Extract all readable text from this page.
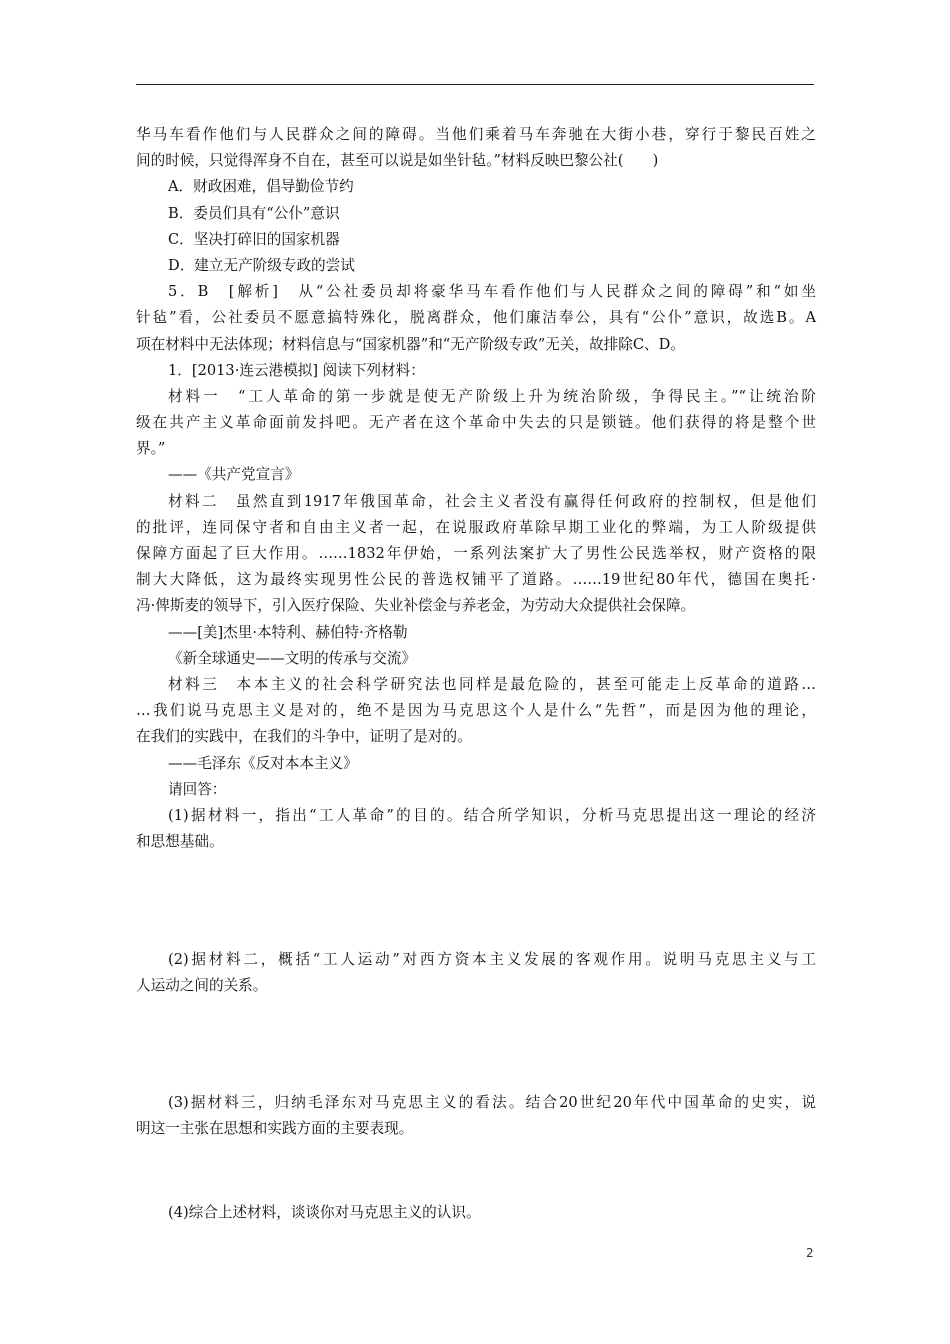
华马车看作他们与人民群众之间的障碍。当他们乘着马车奔驰在大街小巷，穿行于黎民百姓之
间的时候，只觉得浑身不自在，甚至可以说是如坐针毡。”材料反映巴黎公社(　　)
A．财政困难，倡导勤俭节约
B．委员们具有“公仆”意识
C．坚决打碎旧的国家机器
D．建立无产阶级专政的尝试
5．B　[解析]　从“公社委员却将豪华马车看作他们与人民群众之间的障碍”和“如坐
针毡”看，公社委员不愿意搞特殊化，脱离群众，他们廉洁奉公，具有“公仆”意识，故选B。A
项在材料中无法体现；材料信息与“国家机器”和“无产阶级专政”无关，故排除C、D。
1．[2013·连云港模拟] 阅读下列材料：
材料一　“工人革命的第一步就是使无产阶级上升为统治阶级，争得民主。”“让统治阶
级在共产主义革命面前发抖吧。无产者在这个革命中失去的只是锁链。他们获得的将是整个世
界。”
——《共产党宣言》
材料二　虽然直到1917年俄国革命，社会主义者没有赢得任何政府的控制权，但是他们
的批评，连同保守者和自由主义者一起，在说服政府革除早期工业化的弊端，为工人阶级提供
保障方面起了巨大作用。……1832年伊始，一系列法案扩大了男性公民选举权，财产资格的限
制大大降低，这为最终实现男性公民的普选权铺平了道路。……19世纪80年代，德国在奥托·
冯·俾斯麦的领导下，引入医疗保险、失业补偿金与养老金，为劳动大众提供社会保障。
——[美]杰里·本特利、赫伯特·齐格勒
《新全球通史——文明的传承与交流》
材料三　本本主义的社会科学研究法也同样是最危险的，甚至可能走上反革命的道路…
…我们说马克思主义是对的，绝不是因为马克思这个人是什么“先哲”，而是因为他的理论，
在我们的实践中，在我们的斗争中，证明了是对的。
——毛泽东《反对本本主义》
请回答：
(1)据材料一，指出“工人革命”的目的。结合所学知识，分析马克思提出这一理论的经济
和思想基础。
(2)据材料二，概括“工人运动”对西方资本主义发展的客观作用。说明马克思主义与工
人运动之间的关系。
(3)据材料三，归纳毛泽东对马克思主义的看法。结合20世纪20年代中国革命的史实，说
明这一主张在思想和实践方面的主要表现。
(4)综合上述材料，谈谈你对马克思主义的认识。
2
